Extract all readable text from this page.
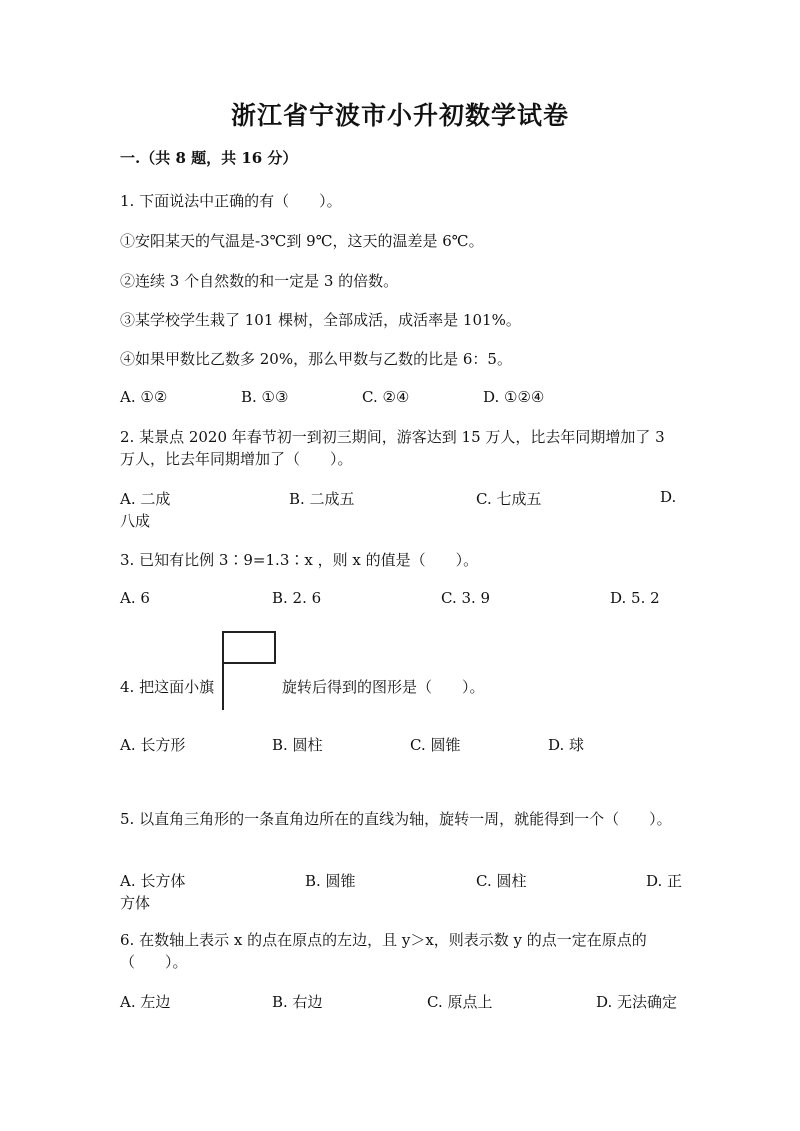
浙江省宁波市小升初数学试卷
一.（共 8 题，共 16 分）
1. 下面说法中正确的有（　　）。
①安阳某天的气温是-3℃到 9℃，这天的温差是 6℃。
②连续 3 个自然数的和一定是 3 的倍数。
③某学校学生栽了 101 棵树，全部成活，成活率是 101%。
④如果甲数比乙数多 20%，那么甲数与乙数的比是 6：5。
A. ①②	B. ①③	C. ②④	D. ①②④
2. 某景点 2020 年春节初一到初三期间，游客达到 15 万人，比去年同期增加了 3 万人，比去年同期增加了（　　）。
A. 二成	B. 二成五	C. 七成五	D.
八成
3. 已知有比例 3∶9=1.3∶x ，则 x 的值是（　　）。
A. 6	B. 2. 6	C. 3. 9	D. 5. 2
4. 把这面小旗	旋转后得到的图形是（　　）。
A. 长方形	B. 圆柱	C. 圆锥	D. 球
5. 以直角三角形的一条直角边所在的直线为轴，旋转一周，就能得到一个（　　）。
A. 长方体	B. 圆锥	C. 圆柱	D. 正
方体
6. 在数轴上表示 x 的点在原点的左边，且 y＞x，则表示数 y 的点一定在原点的（　　）。
A. 左边	B. 右边	C. 原点上	D. 无法确定
